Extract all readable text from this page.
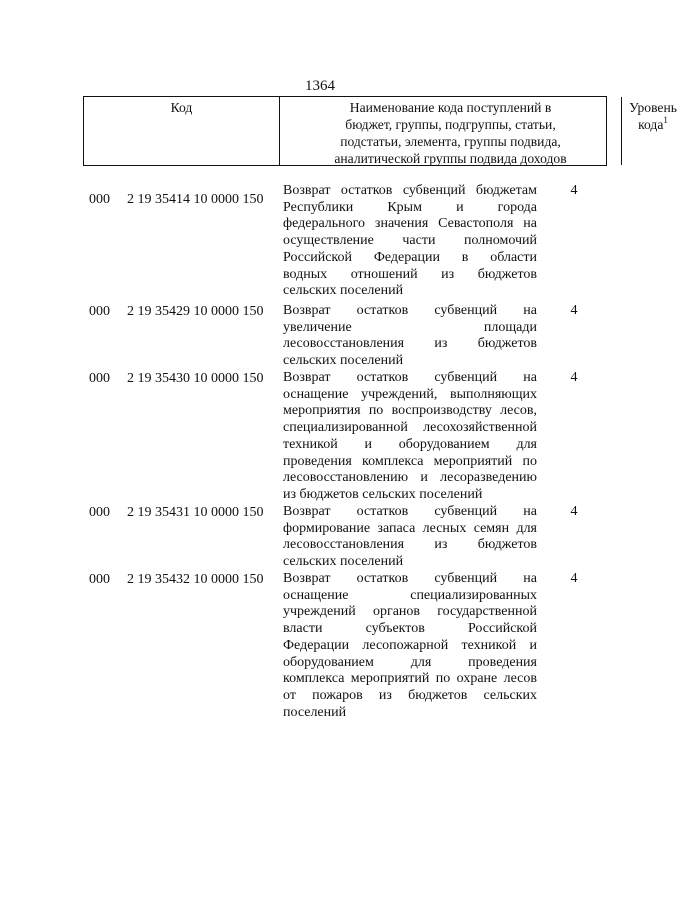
1364
Код	Наименование кода поступлений в
бюджет, группы, подгруппы, статьи,
подстатьи, элемента, группы подвида,
аналитической группы подвида доходов
Уровень
кода$^1$
000 2 19 35414 10 0000 150
Возврат остатков субвенций бюджетам
Республики Крым и города
федерального значения Севастополя на
осуществление части полномочий
Российской Федерации в области
водных отношений из бюджетов
сельских поселений
4
000 2 19 35429 10 0000 150 Возврат остатков субвенций на
увеличение площади
лесовосстановления из бюджетов
сельских поселений
4
000 2 19 35430 10 0000 150 Возврат остатков субвенций на
оснащение учреждений, выполняющих
мероприятия по воспроизводству лесов,
специализированной лесохозяйственной
техникой и оборудованием для
проведения комплекса мероприятий по
лесовосстановлению и лесоразведению
из бюджетов сельских поселений
4
000 2 19 35431 10 0000 150 Возврат остатков субвенций на
формирование запаса лесных семян для
лесовосстановления из бюджетов
сельских поселений
4
000 2 19 35432 10 0000 150 Возврат остатков субвенций на
оснащение специализированных
учреждений органов государственной
власти субъектов Российской
Федерации лесопожарной техникой и
оборудованием для проведения
комплекса мероприятий по охране лесов
от пожаров из бюджетов сельских
поселений
4
